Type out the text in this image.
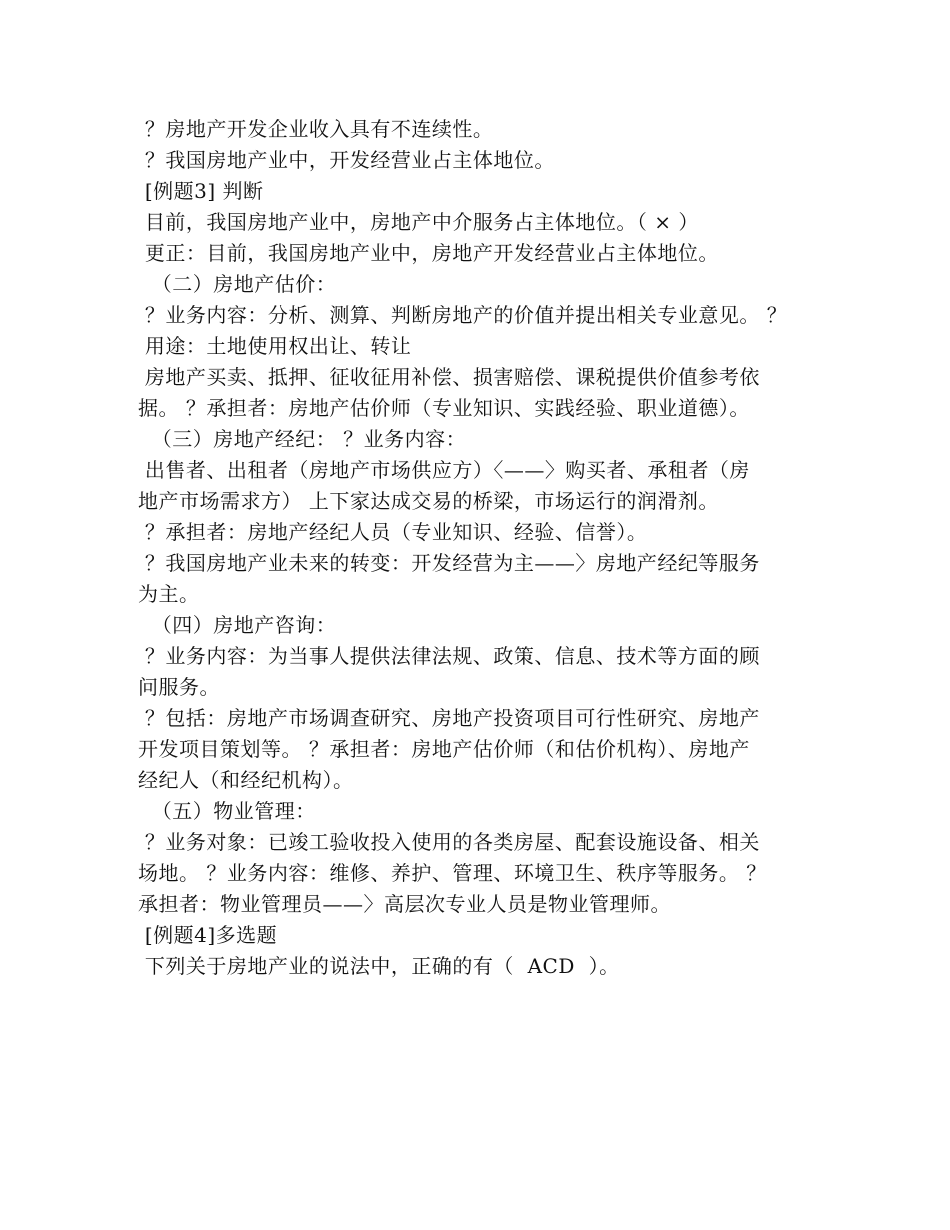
？房地产开发企业收入具有不连续性。
？我国房地产业中，开发经营业占主体地位。
[例题3] 判断
目前，我国房地产业中，房地产中介服务占主体地位。（ × ）
更正：目前，我国房地产业中，房地产开发经营业占主体地位。
（二）房地产估价：
？业务内容：分析、测算、判断房地产的价值并提出相关专业意见。 ？
用途：土地使用权出让、转让
房地产买卖、抵押、征收征用补偿、损害赔偿、课税提供价值参考依
据。 ？承担者：房地产估价师（专业知识、实践经验、职业道德）。
（三）房地产经纪： ？业务内容：
出售者、出租者（房地产市场供应方）〈——〉购买者、承租者（房
地产市场需求方） 上下家达成交易的桥梁，市场运行的润滑剂。
？承担者：房地产经纪人员（专业知识、经验、信誉）。
？我国房地产业未来的转变：开发经营为主——〉房地产经纪等服务
为主。
（四）房地产咨询：
？业务内容：为当事人提供法律法规、政策、信息、技术等方面的顾
问服务。
？包括：房地产市场调查研究、房地产投资项目可行性研究、房地产
开发项目策划等。 ？承担者：房地产估价师（和估价机构）、房地产
经纪人（和经纪机构）。
（五）物业管理：
？业务对象：已竣工验收投入使用的各类房屋、配套设施设备、相关
场地。 ？业务内容：维修、养护、管理、环境卫生、秩序等服务。 ？
承担者：物业管理员——〉高层次专业人员是物业管理师。
[例题4]多选题
下列关于房地产业的说法中，正确的有（  ACD  ）。
